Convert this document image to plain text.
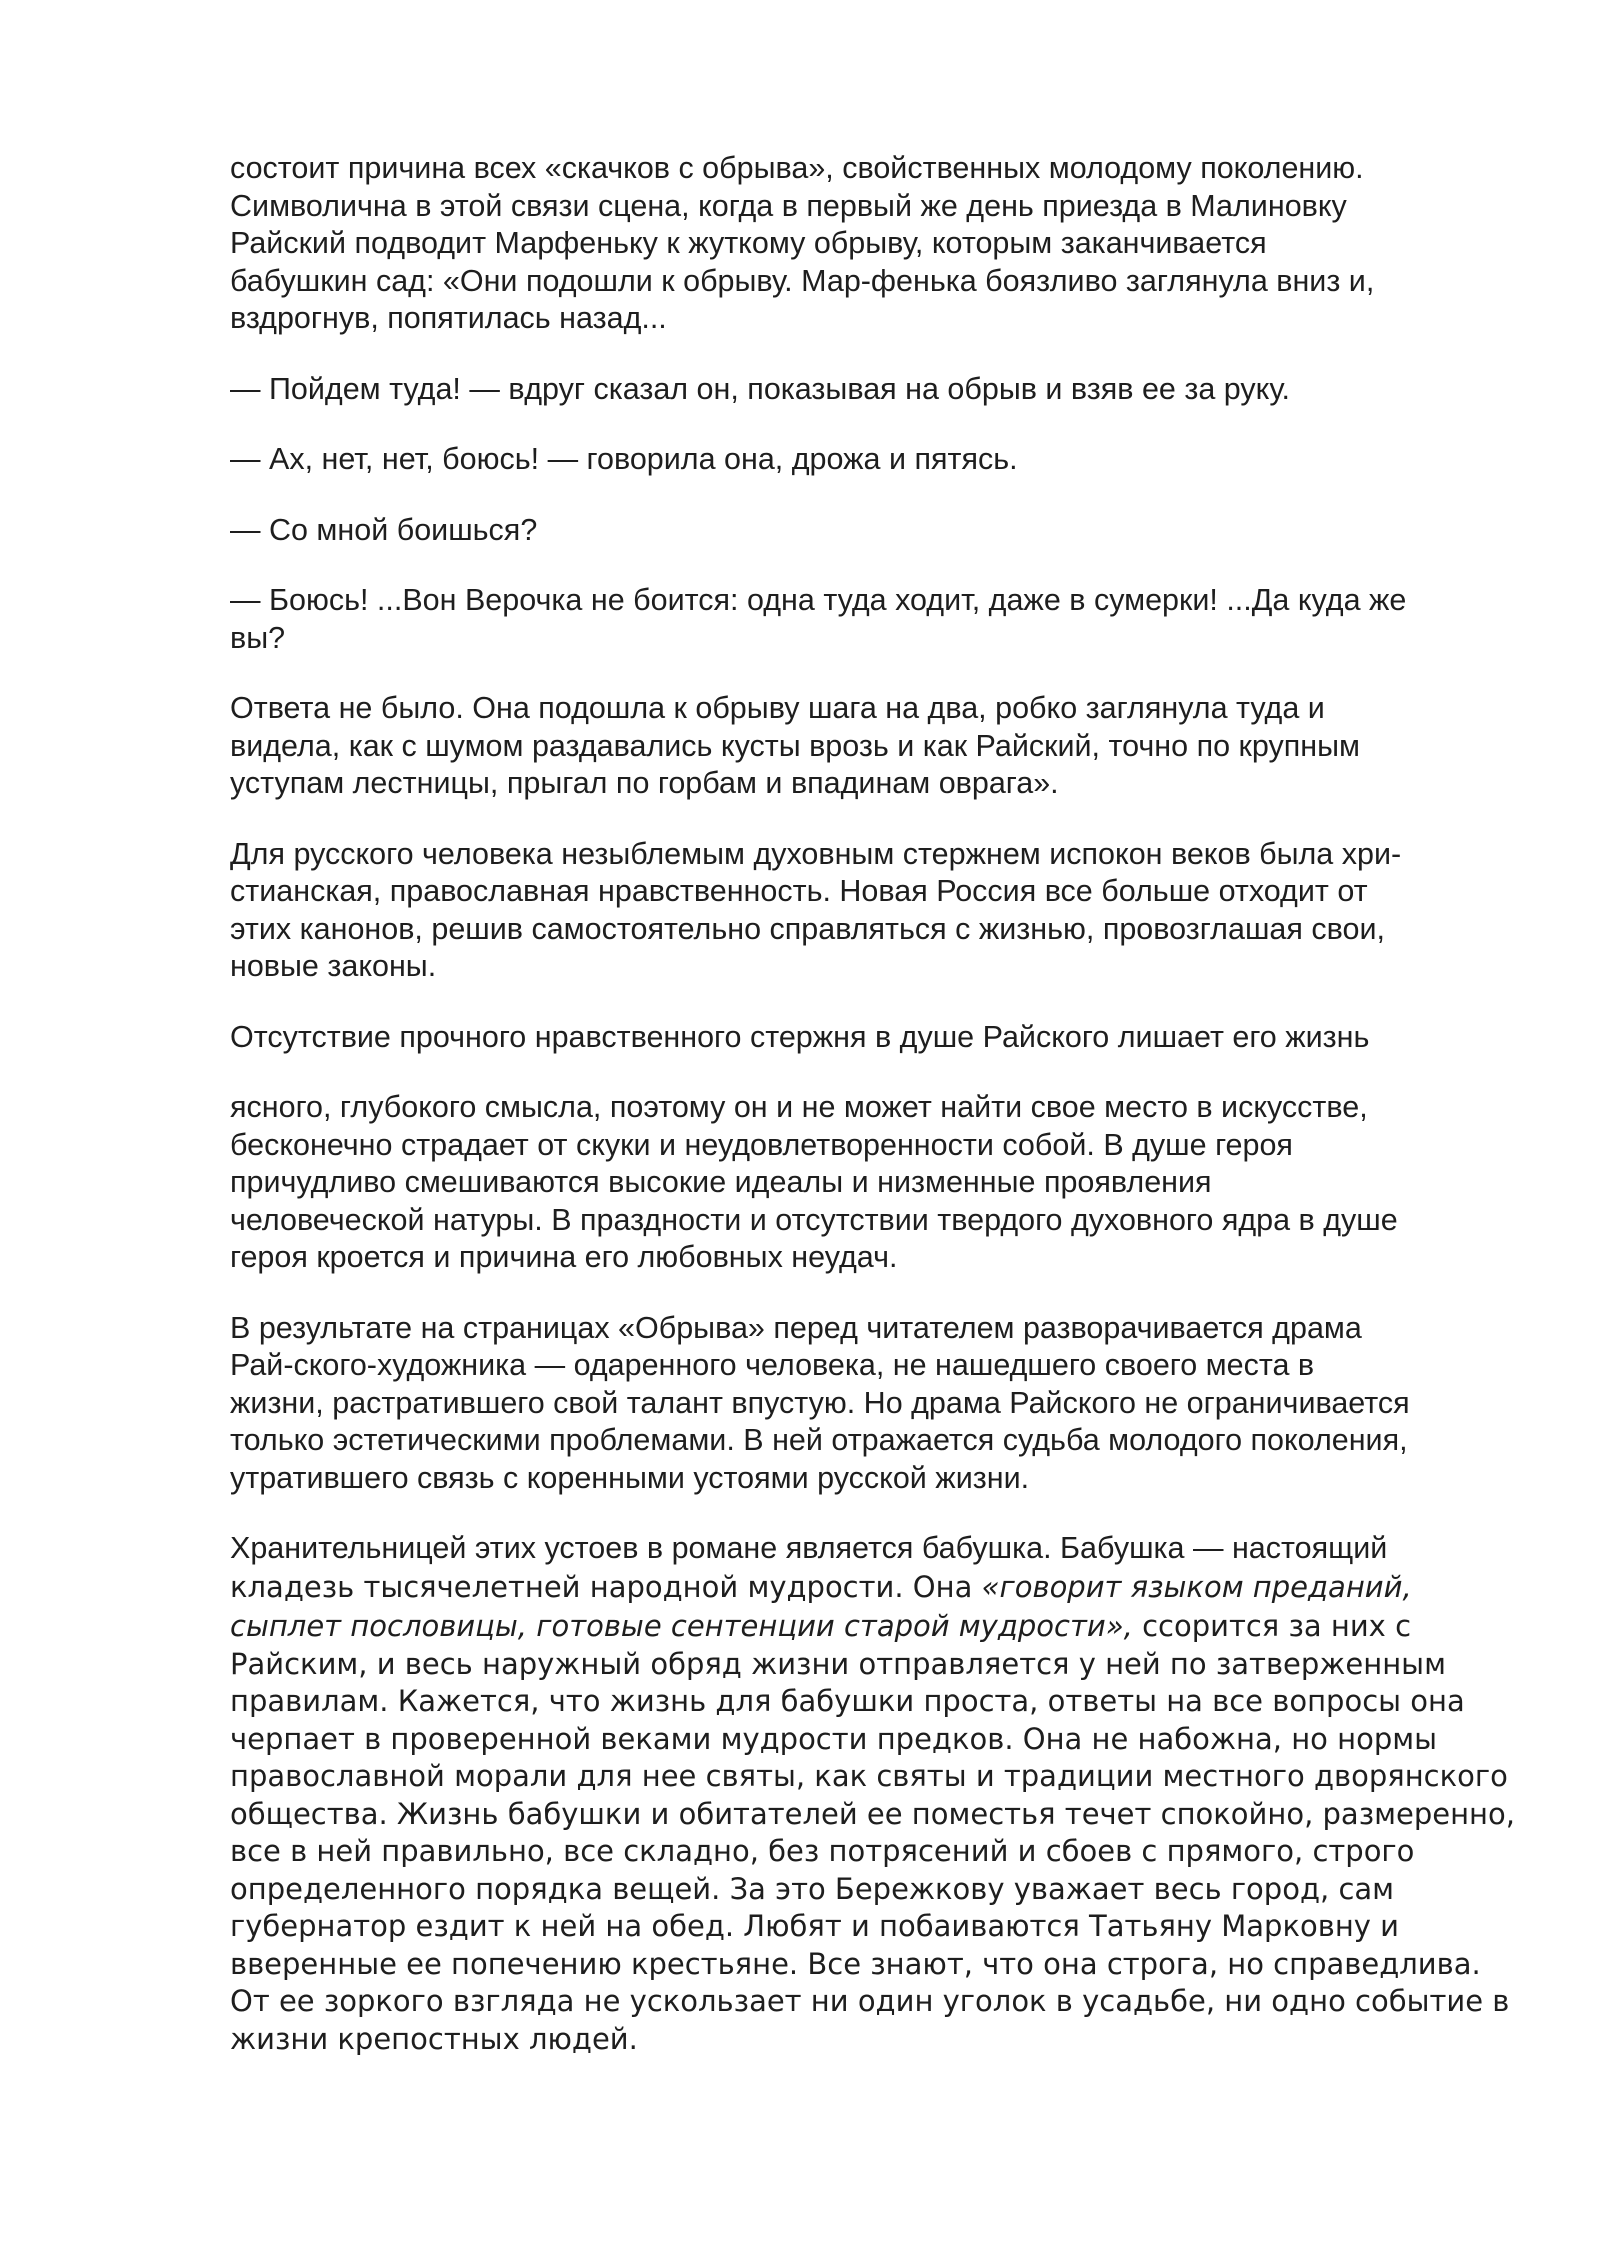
состоит причина всех «скачков с обрыва», свойственных молодому поколению.
Символична в этой связи сцена, когда в первый же день приезда в Малиновку
Райский подводит Марфеньку к жуткому обрыву, которым заканчивается
бабушкин сад: «Они подошли к обрыву. Мар-фенька боязливо заглянула вниз и,
вздрогнув, попятилась назад...

— Пойдем туда! — вдруг сказал он, показывая на обрыв и взяв ее за руку.

— Ах, нет, нет, боюсь! — говорила она, дрожа и пятясь.

— Со мной боишься?

— Боюсь! ...Вон Верочка не боится: одна туда ходит, даже в сумерки! ...Да куда же
вы?

Ответа не было. Она подошла к обрыву шага на два, робко заглянула туда и
видела, как с шумом раздавались кусты врозь и как Райский, точно по крупным
уступам лестницы, прыгал по горбам и впадинам оврага».

Для русского человека незыблемым духовным стержнем испокон веков была хри-
стианская, православная нравственность. Новая Россия все больше отходит от
этих канонов, решив самостоятельно справляться с жизнью, провозглашая свои,
новые законы.

Отсутствие прочного нравственного стержня в душе Райского лишает его жизнь

ясного, глубокого смысла, поэтому он и не может найти свое место в искусстве,
бесконечно страдает от скуки и неудовлетворенности собой. В душе героя
причудливо смешиваются высокие идеалы и низменные проявления
человеческой натуры. В праздности и отсутствии твердого духовного ядра в душе
героя кроется и причина его любовных неудач.

В результате на страницах «Обрыва» перед читателем разворачивается драма
Рай-ского-художника — одаренного человека, не нашедшего своего места в
жизни, растратившего свой талант впустую. Но драма Райского не ограничивается
только эстетическими проблемами. В ней отражается судьба молодого поколения,
утратившего связь с коренными устоями русской жизни.

Хранительницей этих устоев в романе является бабушка. Бабушка — настоящий
кладезь тысячелетней народной мудрости. Она «говорит языком преданий,
сыплет пословицы, готовые сентенции старой мудрости», ссорится за них с
Райским, и весь наружный обряд жизни отправляется у ней по затверженным
правилам. Кажется, что жизнь для бабушки проста, ответы на все вопросы она
черпает в проверенной веками мудрости предков. Она не набожна, но нормы
православной морали для нее святы, как святы и традиции местного дворянского
общества. Жизнь бабушки и обитателей ее поместья течет спокойно, размеренно,
все в ней правильно, все складно, без потрясений и сбоев с прямого, строго
определенного порядка вещей. За это Бережкову уважает весь город, сам
губернатор ездит к ней на обед. Любят и побаиваются Татьяну Марковну и
вверенные ее попечению крестьяне. Все знают, что она строга, но справедлива.
От ее зоркого взгляда не ускользает ни один уголок в усадьбе, ни одно событие в
жизни крепостных людей.
